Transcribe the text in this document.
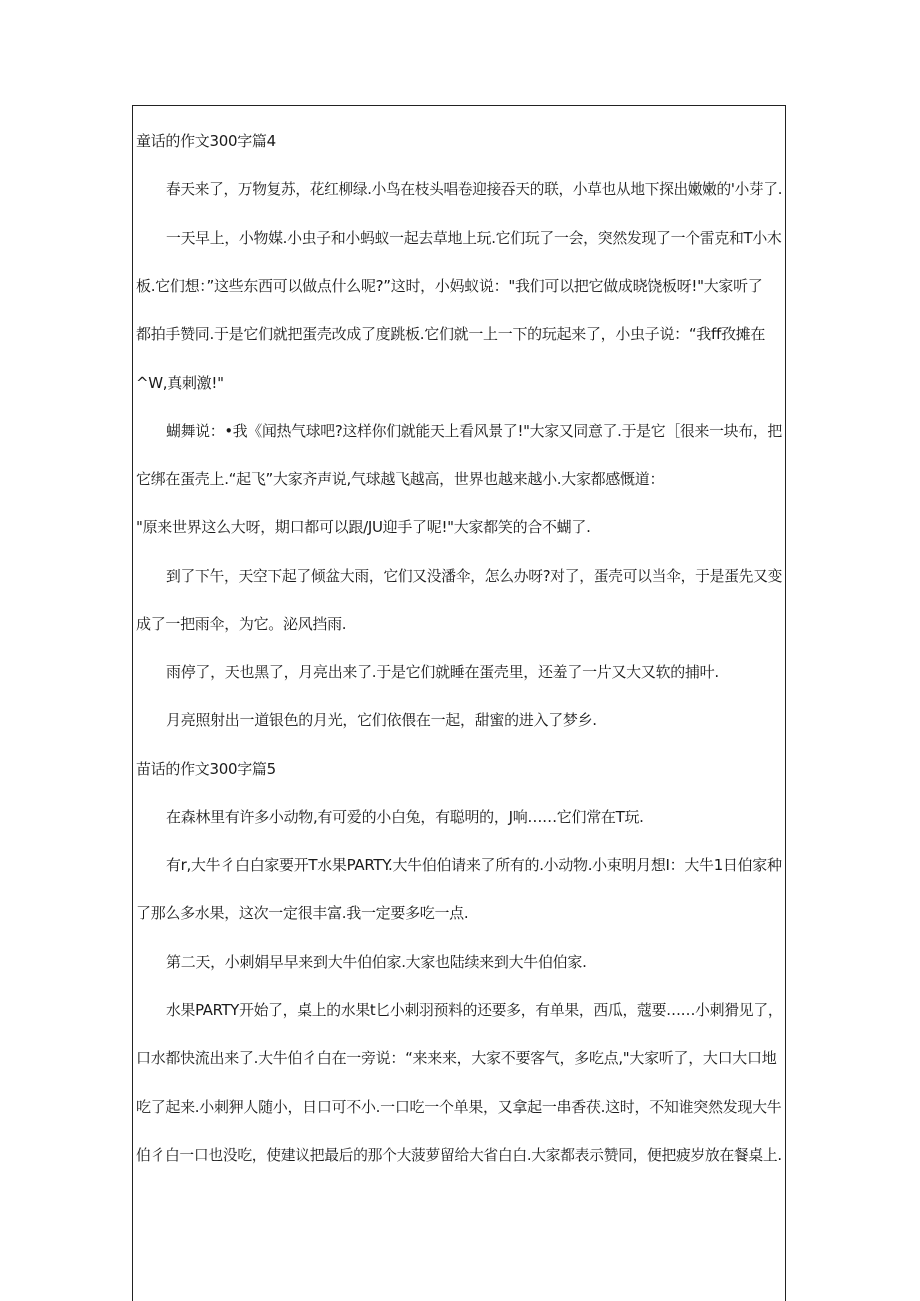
童话的作文300字篇4
春天来了，万物复苏，花红柳绿.小鸟在枝头唱卷迎接吞天的联，小草也从地下探出嫩嫩的'小芽了.
一天早上，小物媒.小虫子和小蚂蚁一起去草地上玩.它们玩了一会，突然发现了一个雷克和T小木
板.它们想：”这些东西可以做点什么呢?”这时，小妈蚁说："我们可以把它做成晓饶板呀!"大家听了
都拍手赞同.于是它们就把蛋壳改成了度跳板.它们就一上一下的玩起来了，小虫子说：“我ff孜摊在
^W,真刺激!"
蝴舞说：•我《闻热气球吧?这样你们就能天上看风景了!"大家又同意了.于是它［很来一块布，把
它绑在蛋壳上.“起飞”大家齐声说,气球越飞越高，世界也越来越小.大家都感慨道：
"原来世界这么大呀，期口都可以跟/JU迎手了呢!"大家都笑的合不蝴了.
到了下午，天空下起了倾盆大雨，它们又没潘伞，怎么办呀?对了，蛋壳可以当伞，于是蛋先又变
成了一把雨伞，为它。泌风挡雨.
雨停了，天也黑了，月亮出来了.于是它们就睡在蛋壳里，还羞了一片又大又软的捕叶.
月亮照射出一道银色的月光，它们依偎在一起，甜蜜的进入了梦乡.
苗话的作文300字篇5
在森林里有许多小动物,有可爱的小白兔，有聪明的，J响……它们常在T玩.
有r,大牛彳白白家要开T水果PARTY.大牛伯伯请来了所有的.小动物.小束明月想I：大牛1日伯家种
了那么多水果，这次一定很丰富.我一定要多吃一点.
第二天，小刺娟早早来到大牛伯伯家.大家也陆续来到大牛伯伯家.
水果PARTY开始了，桌上的水果t匕小刺羽预料的还要多，有单果，西瓜，蔻要……小刺猾见了，
口水都快流出来了.大牛伯彳白在一旁说：“来来来，大家不要客气，多吃点,"大家听了，大口大口地
吃了起来.小刺狎人随小，日口可不小.一口吃一个单果，又拿起一串香茯.这时，不知谁突然发现大牛
伯彳白一口也没吃，使建议把最后的那个大菠萝留给大省白白.大家都表示赞同，便把疲岁放在餐桌上.
